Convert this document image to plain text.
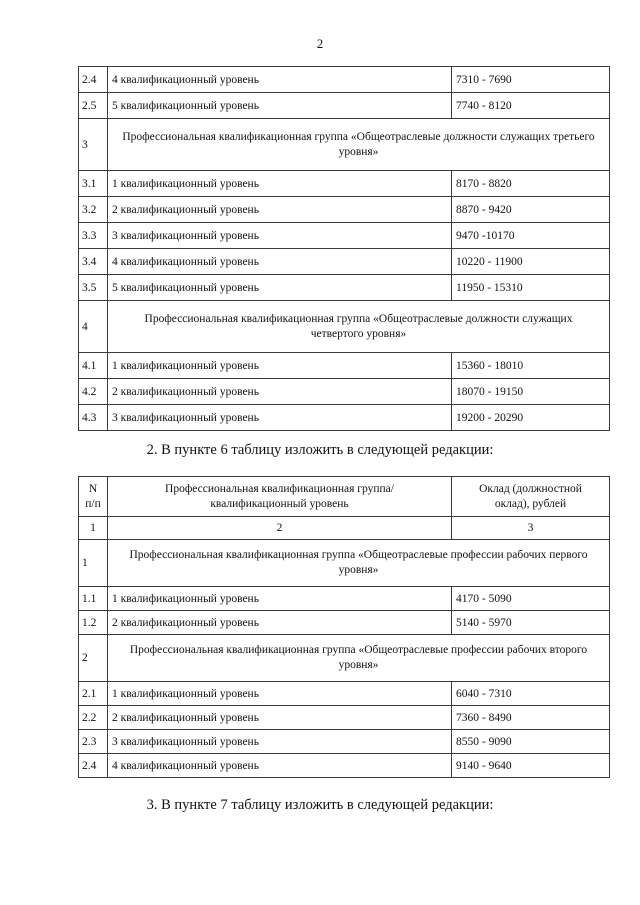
2
2.4	4 квалификационный уровень	7310 - 7690
2.5	5 квалификационный уровень	7740 - 8120
3	Профессиональная квалификационная группа «Общеотраслевые должности служащих третьего уровня»	
3.1	1 квалификационный уровень	8170 - 8820
3.2	2 квалификационный уровень	8870 - 9420
3.3	3 квалификационный уровень	9470 -10170
3.4	4 квалификационный уровень	10220 - 11900
3.5	5 квалификационный уровень	11950 - 15310
4	Профессиональная квалификационная группа «Общеотраслевые должности служащих четвертого уровня»	
4.1	1 квалификационный уровень	15360 - 18010
4.2	2 квалификационный уровень	18070 - 19150
4.3	3 квалификационный уровень	19200 - 20290
2. В пункте 6 таблицу изложить в следующей редакции:
N п/п	Профессиональная квалификационная группа/квалификационный уровень	Оклад (должностной оклад), рублей
1	2	3
1	Профессиональная квалификационная группа «Общеотраслевые профессии рабочих первого уровня»	
1.1	1 квалификационный уровень	4170 - 5090
1.2	2 квалификационный уровень	5140 - 5970
2	Профессиональная квалификационная группа «Общеотраслевые профессии рабочих второго уровня»	
2.1	1 квалификационный уровень	6040 - 7310
2.2	2 квалификационный уровень	7360 - 8490
2.3	3 квалификационный уровень	8550 - 9090
2.4	4 квалификационный уровень	9140 - 9640
3. В пункте 7 таблицу изложить в следующей редакции:
